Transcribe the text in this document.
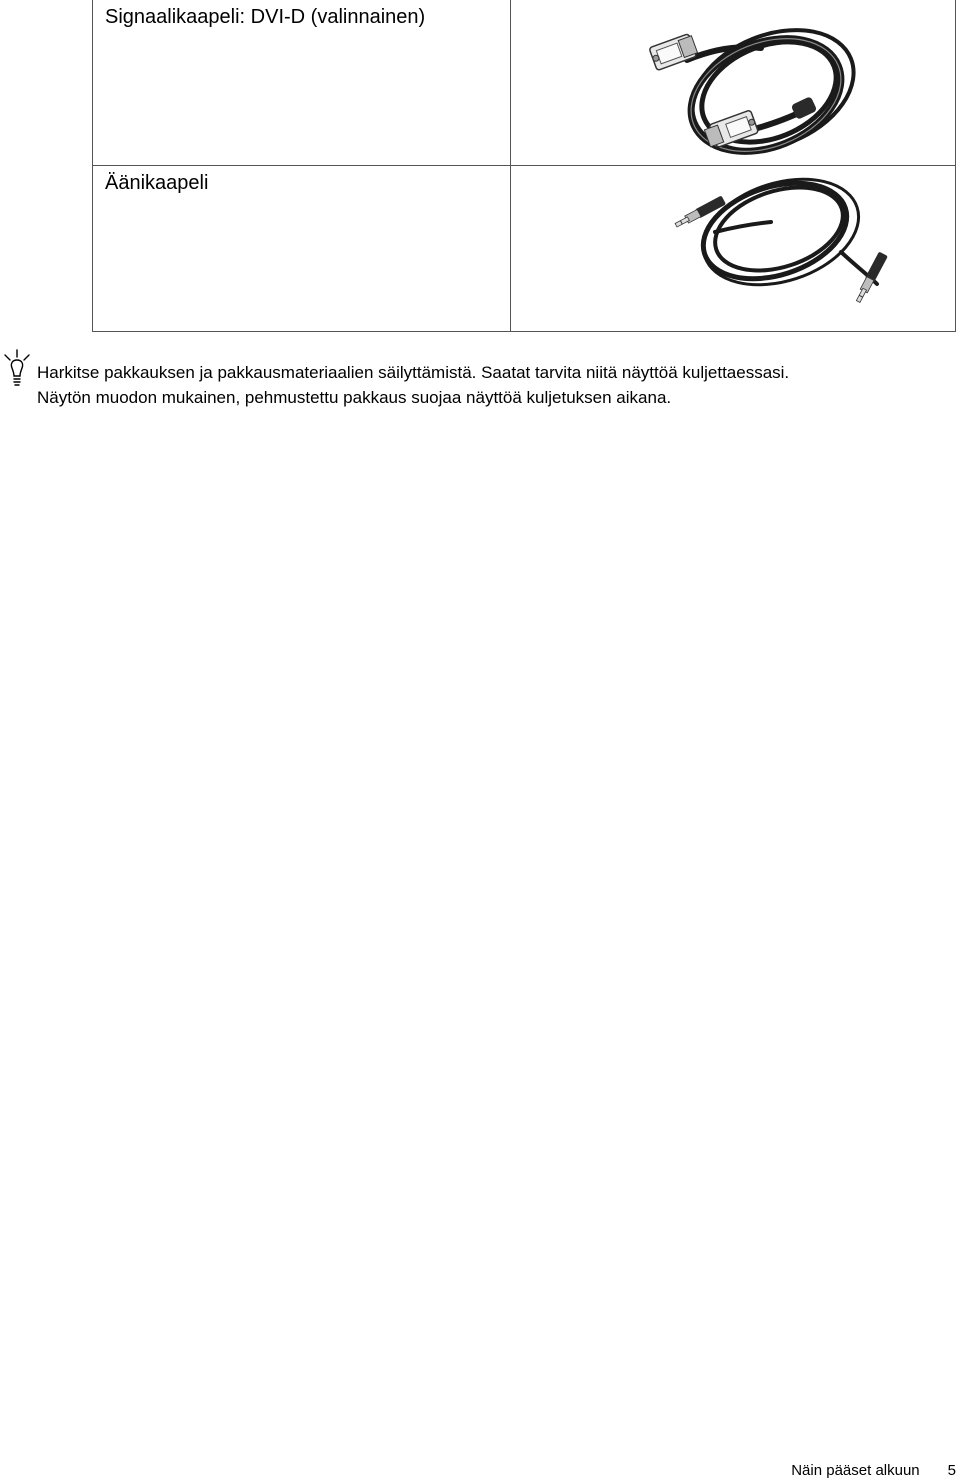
Signaalikaapeli: DVI-D (valinnainen)
Äänikaapeli

Harkitse pakkauksen ja pakkausmateriaalien säilyttämistä. Saatat tarvita niitä näyttöä kuljettaessasi.
Näytön muodon mukainen, pehmustettu pakkaus suojaa näyttöä kuljetuksen aikana.

Näin pääset alkuun 5
